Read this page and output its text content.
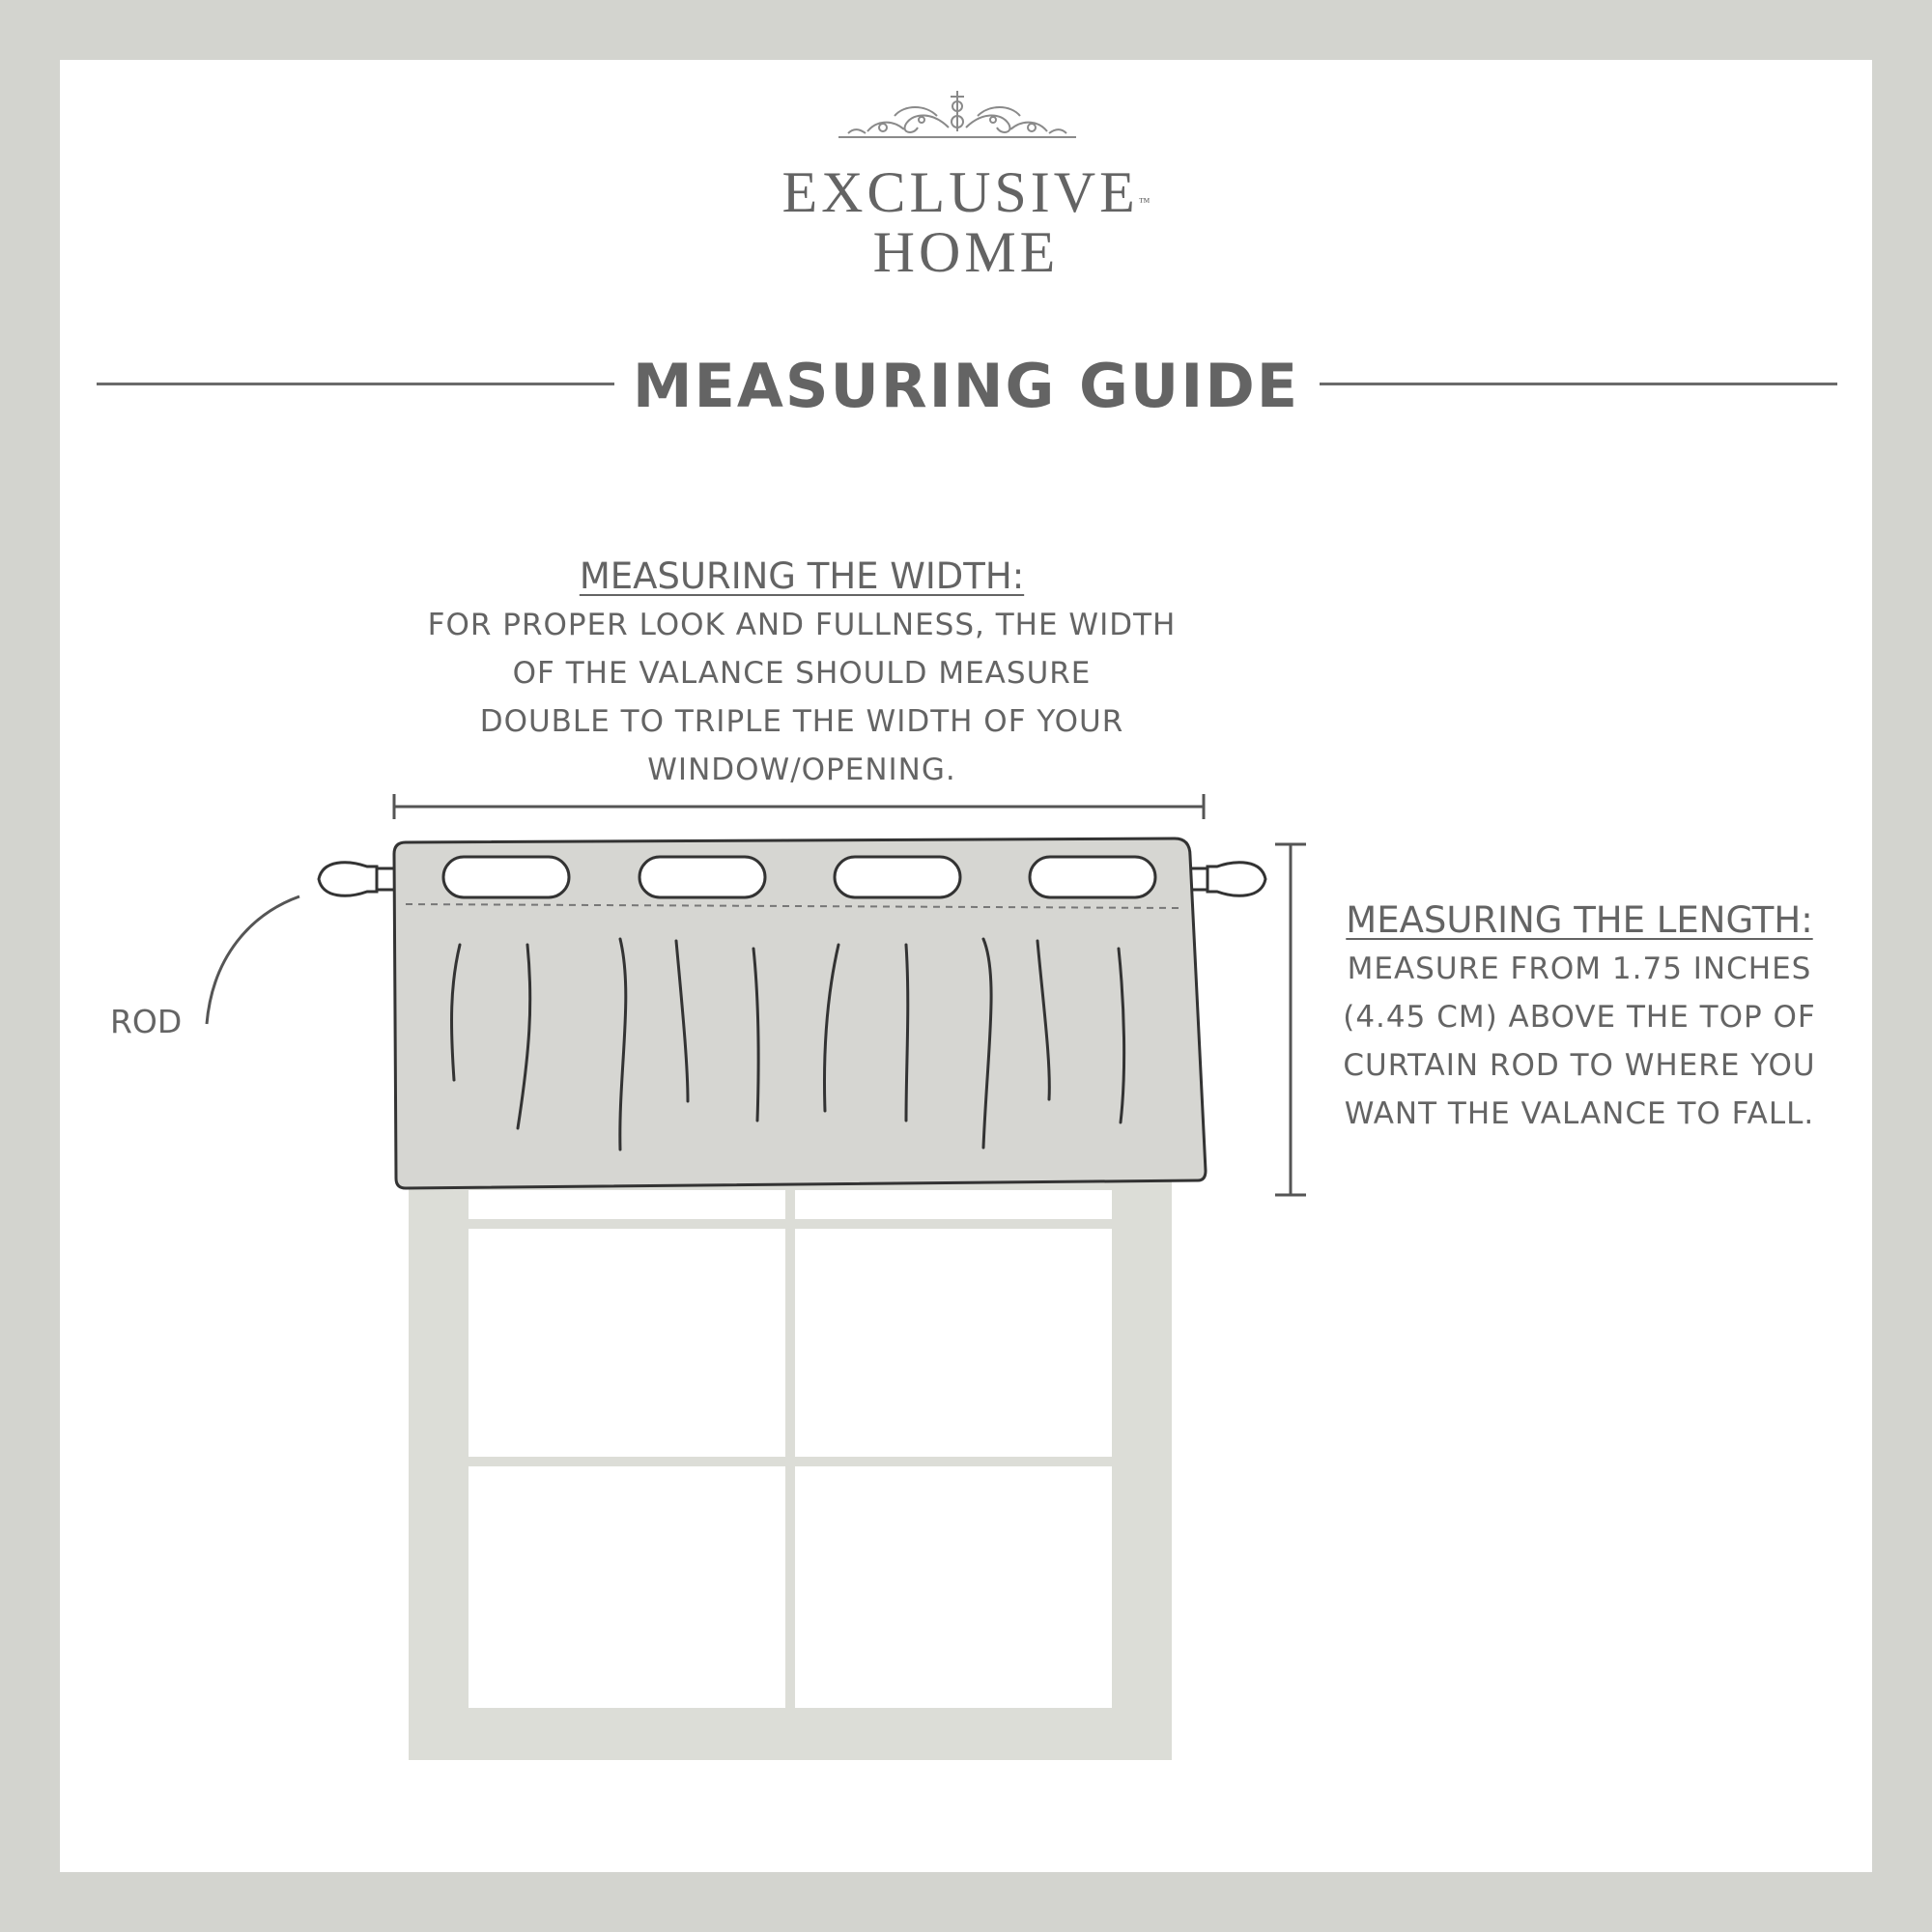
EXCLUSIVE™
HOME
MEASURING GUIDE
MEASURING THE WIDTH:
FOR PROPER LOOK AND FULLNESS, THE WIDTH
OF THE VALANCE SHOULD MEASURE
DOUBLE TO TRIPLE THE WIDTH OF YOUR
WINDOW/OPENING.
MEASURING THE LENGTH:
MEASURE FROM 1.75 INCHES
(4.45 CM) ABOVE THE TOP OF
CURTAIN ROD TO WHERE YOU
WANT THE VALANCE TO FALL.
ROD
